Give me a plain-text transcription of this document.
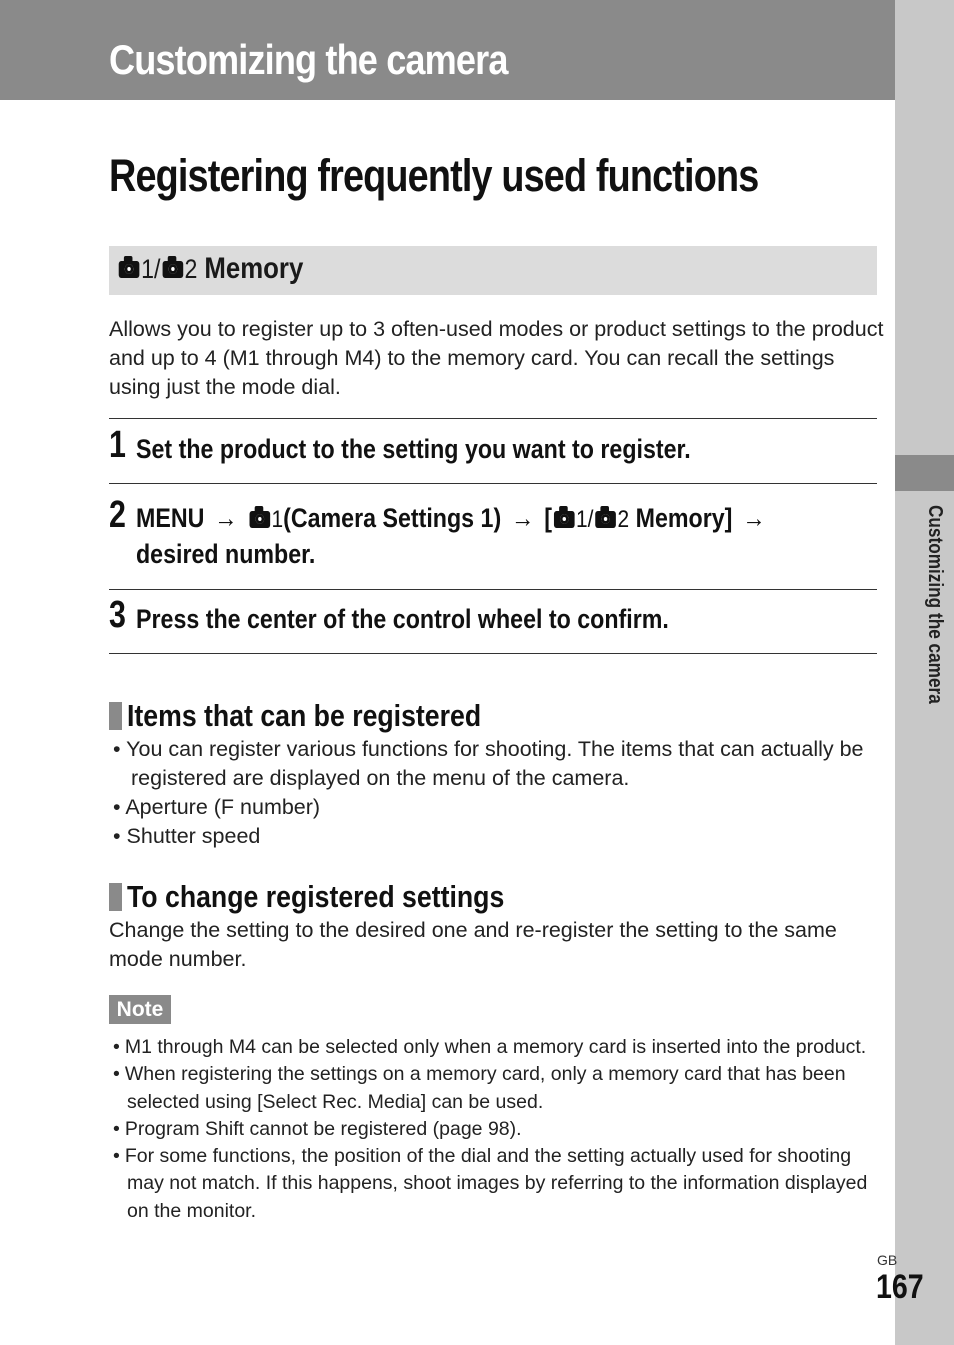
Customizing the camera
Customizing the camera
Registering frequently used functions
1 / 2 Memory

Allows you to register up to 3 often-used modes or product settings to the product and up to 4 (M1 through M4) to the memory card. You can recall the settings using just the mode dial.

1 Set the product to the setting you want to register.
2 MENU → 1(Camera Settings 1) → [ 1/ 2 Memory] →
desired number.
3 Press the center of the control wheel to confirm.
Items that can be registered
• You can register various functions for shooting. The items that can actually be registered are displayed on the menu of the camera.
• Aperture (F number)
• Shutter speed
To change registered settings

Change the setting to the desired one and re-register the setting to the same mode number.

Note
• M1 through M4 can be selected only when a memory card is inserted into the product.
• When registering the settings on a memory card, only a memory card that has been selected using [Select Rec. Media] can be used.
• Program Shift cannot be registered (page 98).
• For some functions, the position of the dial and the setting actually used for shooting may not match. If this happens, shoot images by referring to the information displayed on the monitor.
GB
167
